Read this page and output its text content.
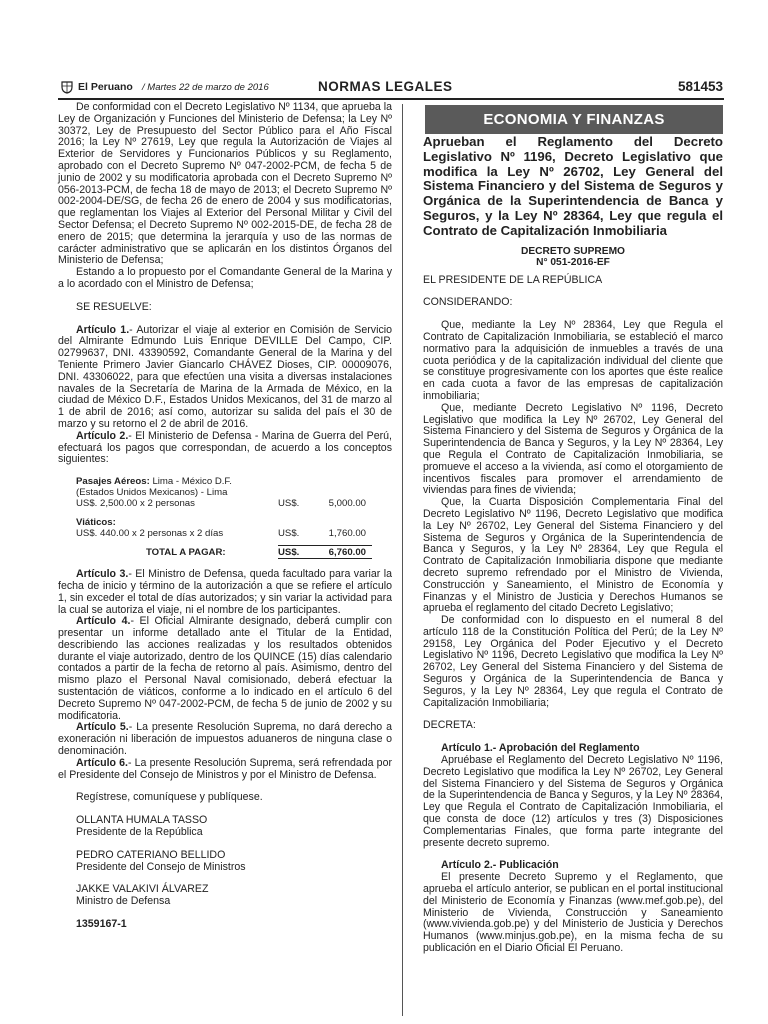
El Peruano / Martes 22 de marzo de 2016	NORMAS LEGALES	581453

De conformidad con el Decreto Legislativo Nº 1134, que aprueba la Ley de Organización y Funciones del Ministerio de Defensa; la Ley Nº 30372, Ley de Presupuesto del Sector Público para el Año Fiscal 2016; la Ley Nº 27619, Ley que regula la Autorización de Viajes al Exterior de Servidores y Funcionarios Públicos y su Reglamento, aprobado con el Decreto Supremo Nº 047-2002-PCM, de fecha 5 de junio de 2002 y su modificatoria aprobada con el Decreto Supremo Nº 056-2013-PCM, de fecha 18 de mayo de 2013; el Decreto Supremo Nº 002-2004-DE/SG, de fecha 26 de enero de 2004 y sus modificatorias, que reglamentan los Viajes al Exterior del Personal Militar y Civil del Sector Defensa; el Decreto Supremo Nº 002-2015-DE, de fecha 28 de enero de 2015; que determina la jerarquía y uso de las normas de carácter administrativo que se aplicarán en los distintos Órganos del Ministerio de Defensa;

Estando a lo propuesto por el Comandante General de la Marina y a lo acordado con el Ministro de Defensa;

SE RESUELVE:

Artículo 1.- Autorizar el viaje al exterior en Comisión de Servicio del Almirante Edmundo Luis Enrique DEVILLE Del Campo, CIP. 02799637, DNI. 43390592, Comandante General de la Marina y del Teniente Primero Javier Giancarlo CHÁVEZ Dioses, CIP. 00009076, DNI. 43306022, para que efectúen una visita a diversas instalaciones navales de la Secretaría de Marina de la Armada de México, en la ciudad de México D.F., Estados Unidos Mexicanos, del 31 de marzo al 1 de abril de 2016; así como, autorizar su salida del país el 30 de marzo y su retorno el 2 de abril de 2016.

Artículo 2.- El Ministerio de Defensa - Marina de Guerra del Perú, efectuará los pagos que correspondan, de acuerdo a los conceptos siguientes:

Pasajes Aéreos: Lima - México D.F.
(Estados Unidos Mexicanos) - Lima
US$. 2,500.00 x 2 personas	US$.	5,000.00
Viáticos:
US$. 440.00 x 2 personas x 2 días	US$.	1,760.00
TOTAL A PAGAR:	US$.	6,760.00

Artículo 3.- El Ministro de Defensa, queda facultado para variar la fecha de inicio y término de la autorización a que se refiere el artículo 1, sin exceder el total de días autorizados; y sin variar la actividad para la cual se autoriza el viaje, ni el nombre de los participantes.

Artículo 4.- El Oficial Almirante designado, deberá cumplir con presentar un informe detallado ante el Titular de la Entidad, describiendo las acciones realizadas y los resultados obtenidos durante el viaje autorizado, dentro de los QUINCE (15) días calendario contados a partir de la fecha de retorno al país. Asimismo, dentro del mismo plazo el Personal Naval comisionado, deberá efectuar la sustentación de viáticos, conforme a lo indicado en el artículo 6 del Decreto Supremo Nº 047-2002-PCM, de fecha 5 de junio de 2002 y su modificatoria.

Artículo 5.- La presente Resolución Suprema, no dará derecho a exoneración ni liberación de impuestos aduaneros de ninguna clase o denominación.

Artículo 6.- La presente Resolución Suprema, será refrendada por el Presidente del Consejo de Ministros y por el Ministro de Defensa.

Regístrese, comuníquese y publíquese.

OLLANTA HUMALA TASSO

Presidente de la República

PEDRO CATERIANO BELLIDO

Presidente del Consejo de Ministros

JAKKE VALAKIVI ÁLVAREZ

Ministro de Defensa

1359167-1

ECONOMIA Y FINANZAS

Aprueban el Reglamento del Decreto Legislativo Nº 1196, Decreto Legislativo que modifica la Ley Nº 26702, Ley General del Sistema Financiero y del Sistema de Seguros y Orgánica de la Superintendencia de Banca y Seguros, y la Ley Nº 28364, Ley que regula el Contrato de Capitalización Inmobiliaria

DECRETO SUPREMO

N° 051-2016-EF

EL PRESIDENTE DE LA REPÚBLICA

CONSIDERANDO:

Que, mediante la Ley Nº 28364, Ley que Regula el Contrato de Capitalización Inmobiliaria, se estableció el marco normativo para la adquisición de inmuebles a través de una cuota periódica y de la capitalización individual del cliente que se constituye progresivamente con los aportes que éste realice en cada cuota a favor de las empresas de capitalización inmobiliaria;

Que, mediante Decreto Legislativo Nº 1196, Decreto Legislativo que modifica la Ley Nº 26702, Ley General del Sistema Financiero y del Sistema de Seguros y Orgánica de la Superintendencia de Banca y Seguros, y la Ley Nº 28364, Ley que Regula el Contrato de Capitalización Inmobiliaria, se promueve el acceso a la vivienda, así como el otorgamiento de incentivos fiscales para promover el arrendamiento de viviendas para fines de vivienda;

Que, la Cuarta Disposición Complementaria Final del Decreto Legislativo Nº 1196, Decreto Legislativo que modifica la Ley Nº 26702, Ley General del Sistema Financiero y del Sistema de Seguros y Orgánica de la Superintendencia de Banca y Seguros, y la Ley Nº 28364, Ley que Regula el Contrato de Capitalización Inmobiliaria dispone que mediante decreto supremo refrendado por el Ministro de Vivienda, Construcción y Saneamiento, el Ministro de Economía y Finanzas y el Ministro de Justicia y Derechos Humanos se aprueba el reglamento del citado Decreto Legislativo;

De conformidad con lo dispuesto en el numeral 8 del artículo 118 de la Constitución Política del Perú; de la Ley Nº 29158, Ley Orgánica del Poder Ejecutivo y el Decreto Legislativo Nº 1196, Decreto Legislativo que modifica la Ley Nº 26702, Ley General del Sistema Financiero y del Sistema de Seguros y Orgánica de la Superintendencia de Banca y Seguros, y la Ley Nº 28364, Ley que regula el Contrato de Capitalización Inmobiliaria;

DECRETA:

Artículo 1.- Aprobación del Reglamento

Apruébase el Reglamento del Decreto Legislativo Nº 1196, Decreto Legislativo que modifica la Ley Nº 26702, Ley General del Sistema Financiero y del Sistema de Seguros y Orgánica de la Superintendencia de Banca y Seguros, y la Ley Nº 28364, Ley que Regula el Contrato de Capitalización Inmobiliaria, el que consta de doce (12) artículos y tres (3) Disposiciones Complementarias Finales, que forma parte integrante del presente decreto supremo.

Artículo 2.- Publicación

El presente Decreto Supremo y el Reglamento, que aprueba el artículo anterior, se publican en el portal institucional del Ministerio de Economía y Finanzas (www.mef.gob.pe), del Ministerio de Vivienda, Construcción y Saneamiento (www.vivienda.gob.pe) y del Ministerio de Justicia y Derechos Humanos (www.minjus.gob.pe), en la misma fecha de su publicación en el Diario Oficial El Peruano.
